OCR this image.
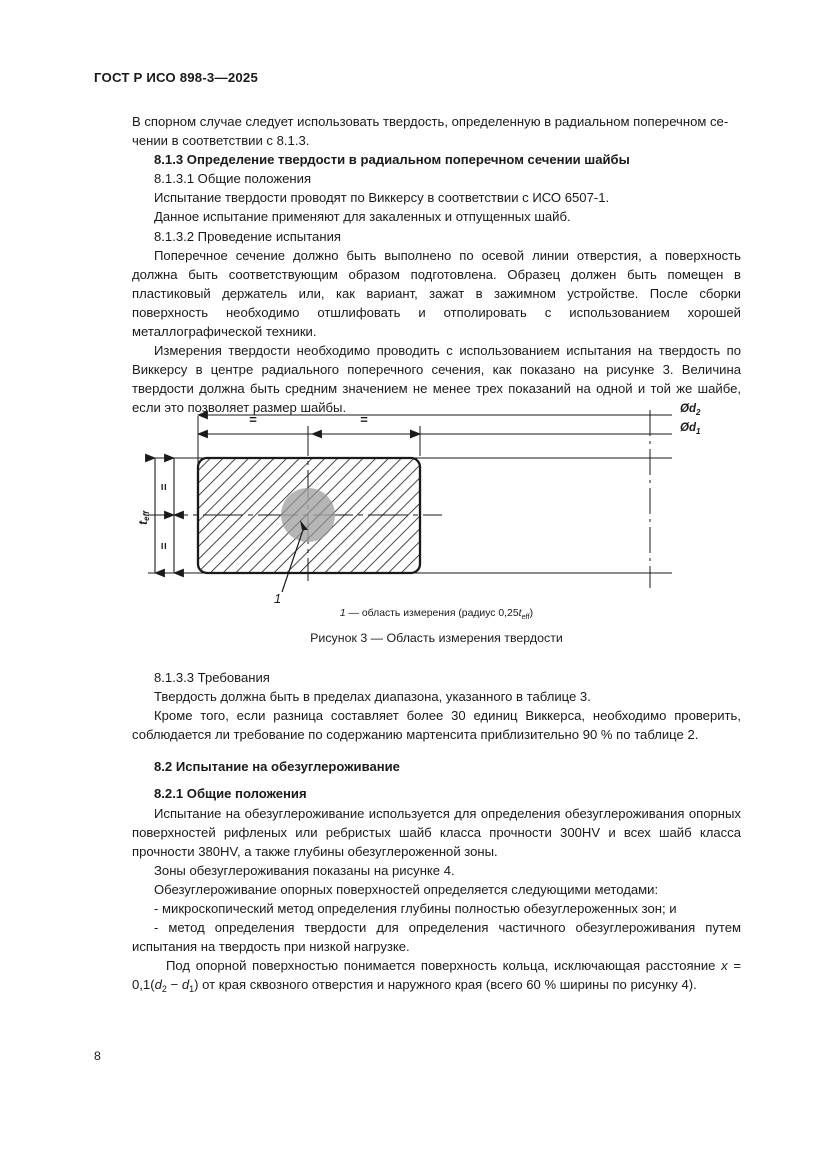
ГОСТ Р ИСО 898-3—2025

В спорном случае следует использовать твердость, определенную в радиальном поперечном се-

чении в соответствии с 8.1.3.

8.1.3 Определение твердости в радиальном поперечном сечении шайбы
8.1.3.1 Общие положения

Испытание твердости проводят по Виккерсу в соответствии с ИСО 6507-1.

Данное испытание применяют для закаленных и отпущенных шайб.

8.1.3.2 Проведение испытания

Поперечное сечение должно быть выполнено по осевой линии отверстия, а поверхность должна быть соответствующим образом подготовлена. Образец должен быть помещен в пластиковый держатель или, как вариант, зажат в зажимном устройстве. После сборки поверхность необходимо отшлифовать и отполировать с использованием хорошей металлографической техники.

Измерения твердости необходимо проводить с использованием испытания на твердость по Виккерсу в центре радиального поперечного сечения, как показано на рисунке 3. Величина твердости должна быть средним значением не менее трех показаний на одной и той же шайбе, если это позволяет размер шайбы.

=	=
$Ød_2$
$Ød_1$
1
teff
=
=
1 — область измерения (радиус $0,25t_{eff}$)
Рисунок 3 — Область измерения твердости
8.1.3.3 Требования

Твердость должна быть в пределах диапазона, указанного в таблице 3.

Кроме того, если разница составляет более 30 единиц Виккерса, необходимо проверить, соблюдается ли требование по содержанию мартенсита приблизительно 90 % по таблице 2.

8.2 Испытание на обезуглероживание
8.2.1 Общие положения

Испытание на обезуглероживание используется для определения обезуглероживания опорных поверхностей рифленых или ребристых шайб класса прочности 300HV и всех шайб класса прочности 380HV, а также глубины обезуглероженной зоны.

Зоны обезуглероживания показаны на рисунке 4.

Обезуглероживание опорных поверхностей определяется следующими методами:

- микроскопический метод определения глубины полностью обезуглероженных зон; и

- метод определения твердости для определения частичного обезуглероживания путем испытания на твердость при низкой нагрузке.

Под опорной поверхностью понимается поверхность кольца, исключающая расстояние $x = 0,1(d_2 - d_1)$ от края сквозного отверстия и наружного края (всего 60 % ширины по рисунку 4).

8
